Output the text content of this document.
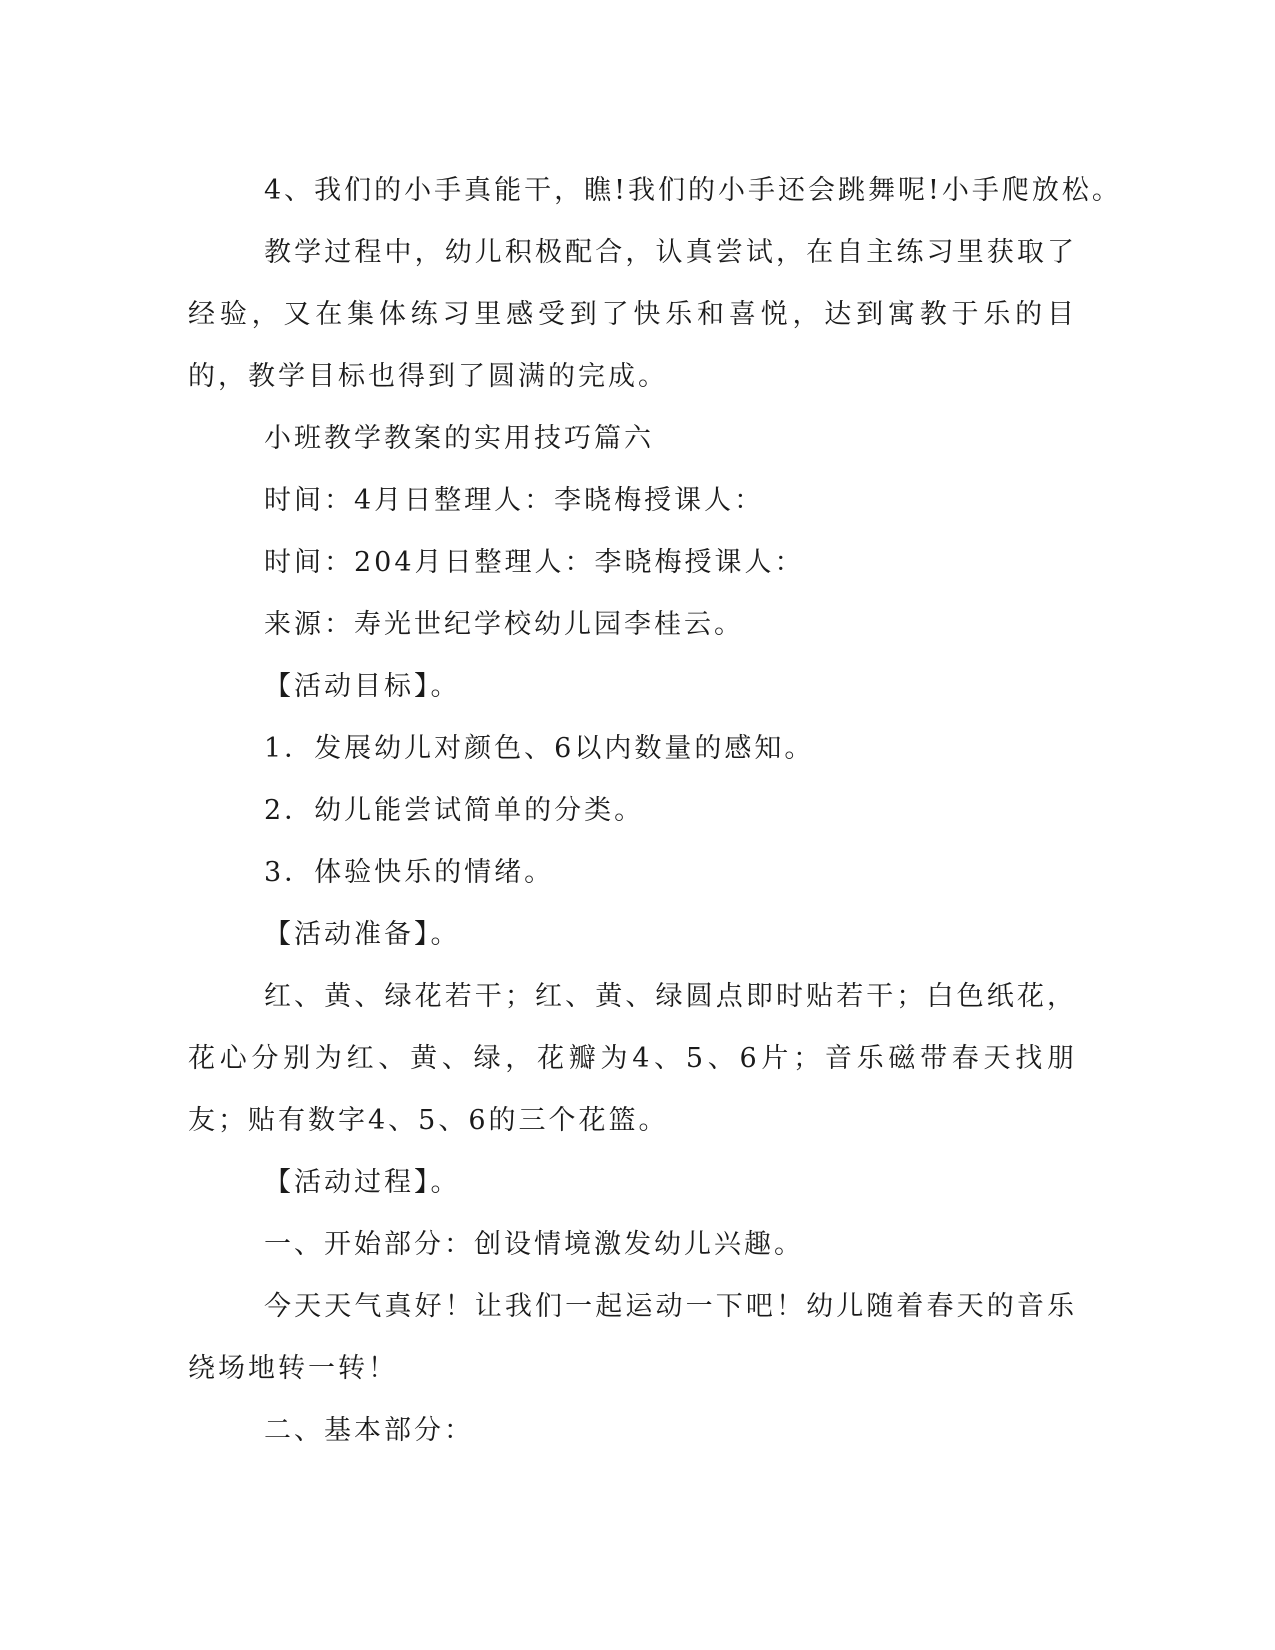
4、我们的小手真能干，瞧!我们的小手还会跳舞呢!小手爬放松。

教学过程中，幼儿积极配合，认真尝试，在自主练习里获取了经验，又在集体练习里感受到了快乐和喜悦，达到寓教于乐的目的，教学目标也得到了圆满的完成。

小班教学教案的实用技巧篇六

时间：4月日整理人：李晓梅授课人：

时间：204月日整理人：李晓梅授课人：

来源：寿光世纪学校幼儿园李桂云。

【活动目标】。

1．发展幼儿对颜色、6以内数量的感知。

2．幼儿能尝试简单的分类。

3．体验快乐的情绪。

【活动准备】。

红、黄、绿花若干；红、黄、绿圆点即时贴若干；白色纸花，花心分别为红、黄、绿，花瓣为4、5、6片；音乐磁带春天找朋友；贴有数字4、5、6的三个花篮。

【活动过程】。

一、开始部分：创设情境激发幼儿兴趣。

今天天气真好！让我们一起运动一下吧！幼儿随着春天的音乐绕场地转一转！

二、基本部分：
